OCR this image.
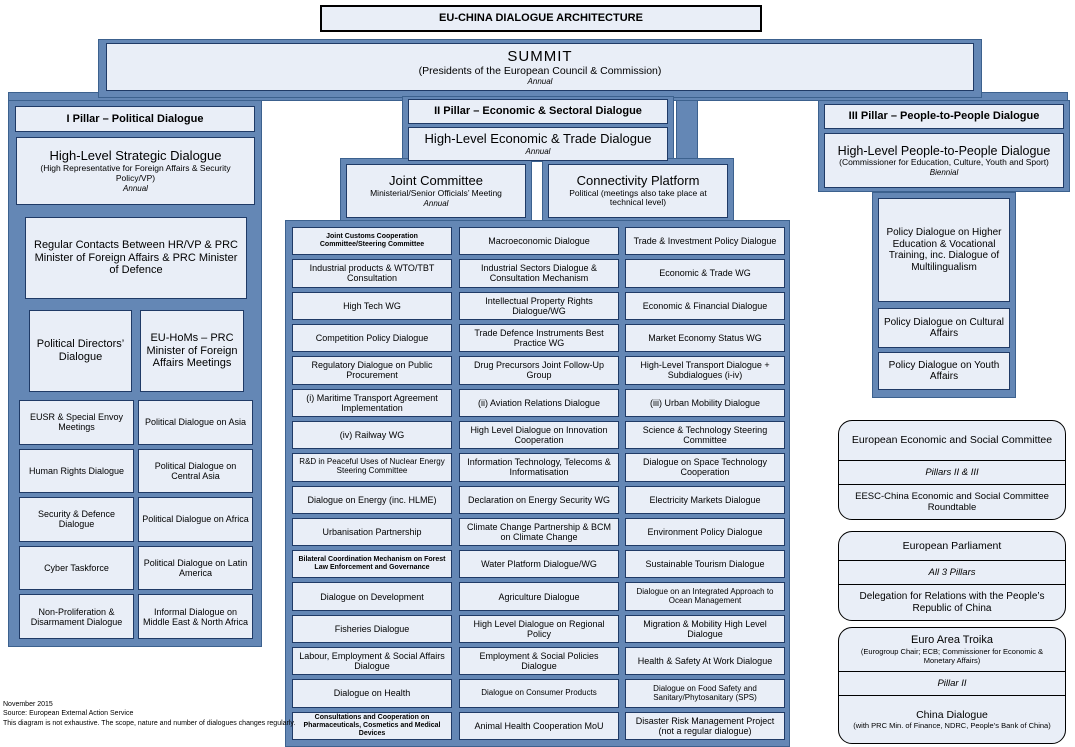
EU-CHINA DIALOGUE ARCHITECTURE
SUMMIT
(Presidents of the European Council & Commission)
Annual
I Pillar – Political Dialogue
High-Level Strategic Dialogue
(High Representative for Foreign Affairs & Security Policy/VP)
Annual
Regular Contacts Between HR/VP & PRC Minister of Foreign Affairs & PRC Minister of Defence
Political Directors’ Dialogue
EU-HoMs – PRC Minister of Foreign Affairs Meetings
EUSR & Special Envoy Meetings
Political Dialogue on Asia
Human Rights Dialogue
Political Dialogue on Central Asia
Security & Defence Dialogue
Political Dialogue on Africa
Cyber Taskforce
Political Dialogue on Latin America
Non-Proliferation & Disarmament Dialogue
Informal Dialogue on Middle East & North Africa
II Pillar – Economic & Sectoral Dialogue
High-Level Economic & Trade Dialogue
Annual
Joint Committee
Ministerial/Senior Officials’ Meeting
Annual
Connectivity Platform
Political (meetings also take place at technical level)
Joint Customs Cooperation Committee/Steering Committee
Industrial products & WTO/TBT Consultation
High Tech WG
Competition Policy Dialogue
Regulatory Dialogue on Public Procurement
(i) Maritime Transport Agreement Implementation
(iv) Railway WG
R&D in Peaceful Uses of Nuclear Energy Steering Committee
Dialogue on Energy (inc. HLME)
Urbanisation Partnership
Bilateral Coordination Mechanism on Forest Law Enforcement and Governance
Dialogue on Development
Fisheries Dialogue
Labour, Employment & Social Affairs Dialogue
Dialogue on Health
Consultations and Cooperation on Pharmaceuticals, Cosmetics and Medical Devices
Macroeconomic Dialogue
Industrial Sectors Dialogue & Consultation Mechanism
Intellectual Property Rights Dialogue/WG
Trade Defence Instruments Best Practice WG
Drug Precursors Joint Follow-Up Group
(ii) Aviation Relations Dialogue
High Level Dialogue on Innovation Cooperation
Information Technology, Telecoms & Informatisation
Declaration on Energy Security WG
Climate Change Partnership & BCM on Climate Change
Water Platform Dialogue/WG
Agriculture Dialogue
High Level Dialogue on Regional Policy
Employment & Social Policies Dialogue
Dialogue on Consumer Products
Animal Health Cooperation MoU
Trade & Investment Policy Dialogue
Economic & Trade WG
Economic & Financial Dialogue
Market Economy Status WG
High-Level Transport Dialogue + Subdialogues (i-iv)
(iii) Urban Mobility Dialogue
Science & Technology Steering Committee
Dialogue on Space Technology Cooperation
Electricity Markets Dialogue
Environment Policy Dialogue
Sustainable Tourism Dialogue
Dialogue on an Integrated Approach to Ocean Management
Migration & Mobility High Level Dialogue
Health & Safety At Work Dialogue
Dialogue on Food Safety and Sanitary/Phytosanitary (SPS)
Disaster Risk Management Project (not a regular dialogue)
III Pillar – People-to-People Dialogue
High-Level People-to-People Dialogue
(Commissioner for Education, Culture, Youth and Sport)
Biennial
Policy Dialogue on Higher Education & Vocational Training, inc. Dialogue of Multilingualism
Policy Dialogue on Cultural Affairs
Policy Dialogue on Youth Affairs
European Economic and Social Committee
Pillars II & III
EESC-China Economic and Social Committee Roundtable
European Parliament
All 3 Pillars
Delegation for Relations with the People’s Republic of China
Euro Area Troika
(Eurogroup Chair; ECB; Commissioner for Economic & Monetary Affairs)
Pillar II
China Dialogue
(with PRC Min. of Finance, NDRC, People’s Bank of China)
November 2015
Source: European External Action Service
This diagram is not exhaustive. The scope, nature and number of dialogues changes regularly.
